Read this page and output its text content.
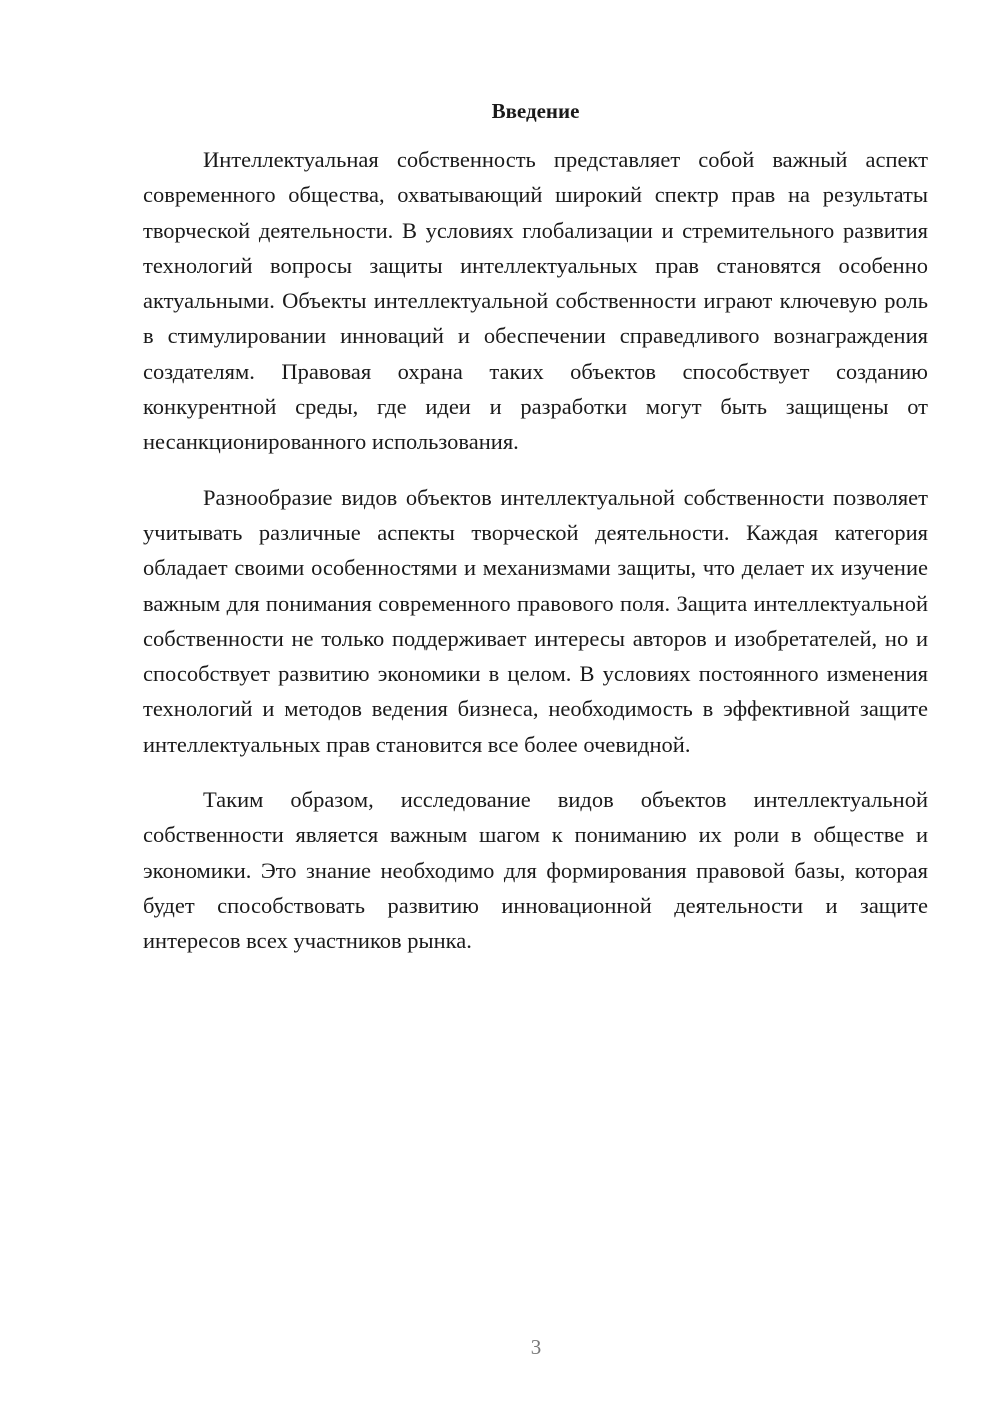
Введение

Интеллектуальная собственность представляет собой важный аспект современного общества, охватывающий широкий спектр прав на результаты творческой деятельности. В условиях глобализации и стремительного развития технологий вопросы защиты интеллектуальных прав становятся особенно актуальными. Объекты интеллектуальной собственности играют ключевую роль в стимулировании инноваций и обеспечении справедливого вознаграждения создателям. Правовая охрана таких объектов способствует созданию конкурентной среды, где идеи и разработки могут быть защищены от несанкционированного использования.

Разнообразие видов объектов интеллектуальной собственности позволяет учитывать различные аспекты творческой деятельности. Каждая категория обладает своими особенностями и механизмами защиты, что делает их изучение важным для понимания современного правового поля. Защита интеллектуальной собственности не только поддерживает интересы авторов и изобретателей, но и способствует развитию экономики в целом. В условиях постоянного изменения технологий и методов ведения бизнеса, необходимость в эффективной защите интеллектуальных прав становится все более очевидной.

Таким образом, исследование видов объектов интеллектуальной собственности является важным шагом к пониманию их роли в обществе и экономики. Это знание необходимо для формирования правовой базы, которая будет способствовать развитию инновационной деятельности и защите интересов всех участников рынка.

3
